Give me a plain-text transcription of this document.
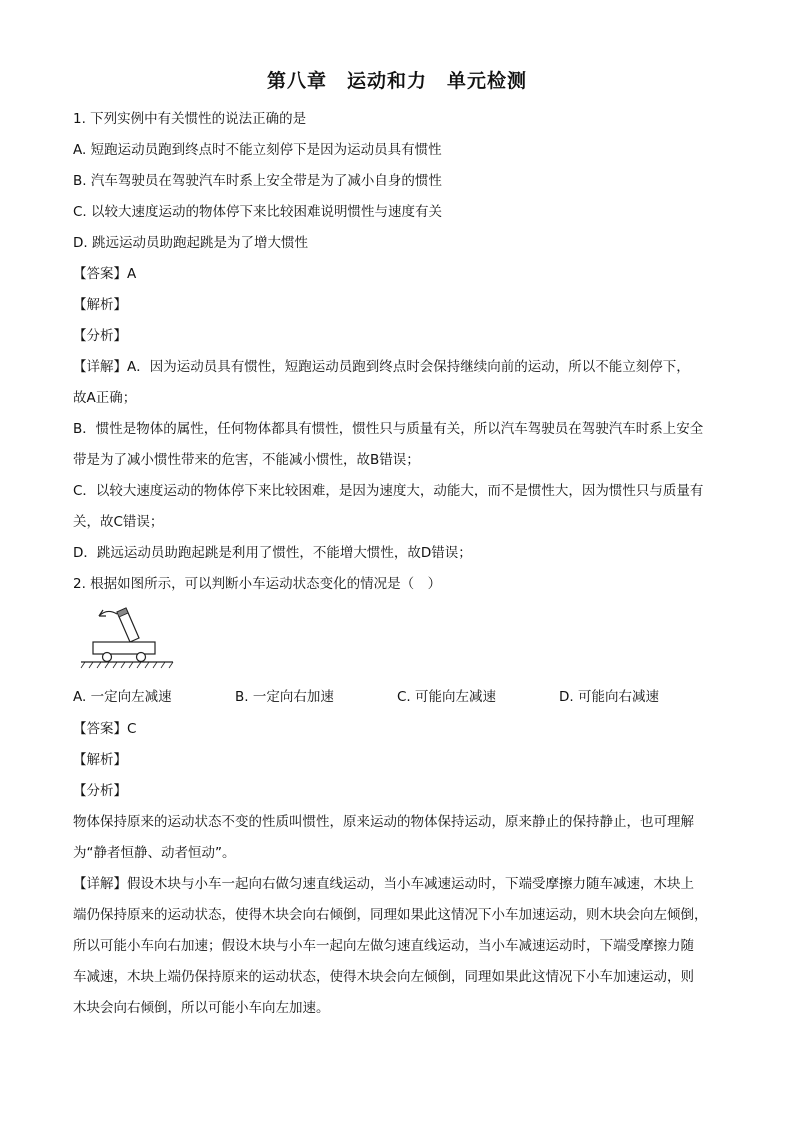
第八章　运动和力　单元检测
1. 下列实例中有关惯性的说法正确的是
A. 短跑运动员跑到终点时不能立刻停下是因为运动员具有惯性
B. 汽车驾驶员在驾驶汽车时系上安全带是为了减小自身的惯性
C. 以较大速度运动的物体停下来比较困难说明惯性与速度有关
D. 跳远运动员助跑起跳是为了增大惯性
【答案】A
【解析】
【分析】
【详解】A．因为运动员具有惯性，短跑运动员跑到终点时会保持继续向前的运动，所以不能立刻停下，
故A正确；
B．惯性是物体的属性，任何物体都具有惯性，惯性只与质量有关，所以汽车驾驶员在驾驶汽车时系上安全
带是为了减小惯性带来的危害，不能减小惯性，故B错误；
C．以较大速度运动的物体停下来比较困难，是因为速度大，动能大，而不是惯性大，因为惯性只与质量有
关，故C错误；
D．跳远运动员助跑起跳是利用了惯性，不能增大惯性，故D错误；
2. 根据如图所示，可以判断小车运动状态变化的情况是（　）
A. 一定向左减速	B. 一定向右加速	C. 可能向左减速	D. 可能向右减速
【答案】C
【解析】
【分析】
物体保持原来的运动状态不变的性质叫惯性，原来运动的物体保持运动，原来静止的保持静止，也可理解
为“静者恒静、动者恒动”。
【详解】假设木块与小车一起向右做匀速直线运动，当小车减速运动时，下端受摩擦力随车减速，木块上
端仍保持原来的运动状态，使得木块会向右倾倒，同理如果此这情况下小车加速运动，则木块会向左倾倒，
所以可能小车向右加速；假设木块与小车一起向左做匀速直线运动，当小车减速运动时，下端受摩擦力随
车减速，木块上端仍保持原来的运动状态，使得木块会向左倾倒，同理如果此这情况下小车加速运动，则
木块会向右倾倒，所以可能小车向左加速。
